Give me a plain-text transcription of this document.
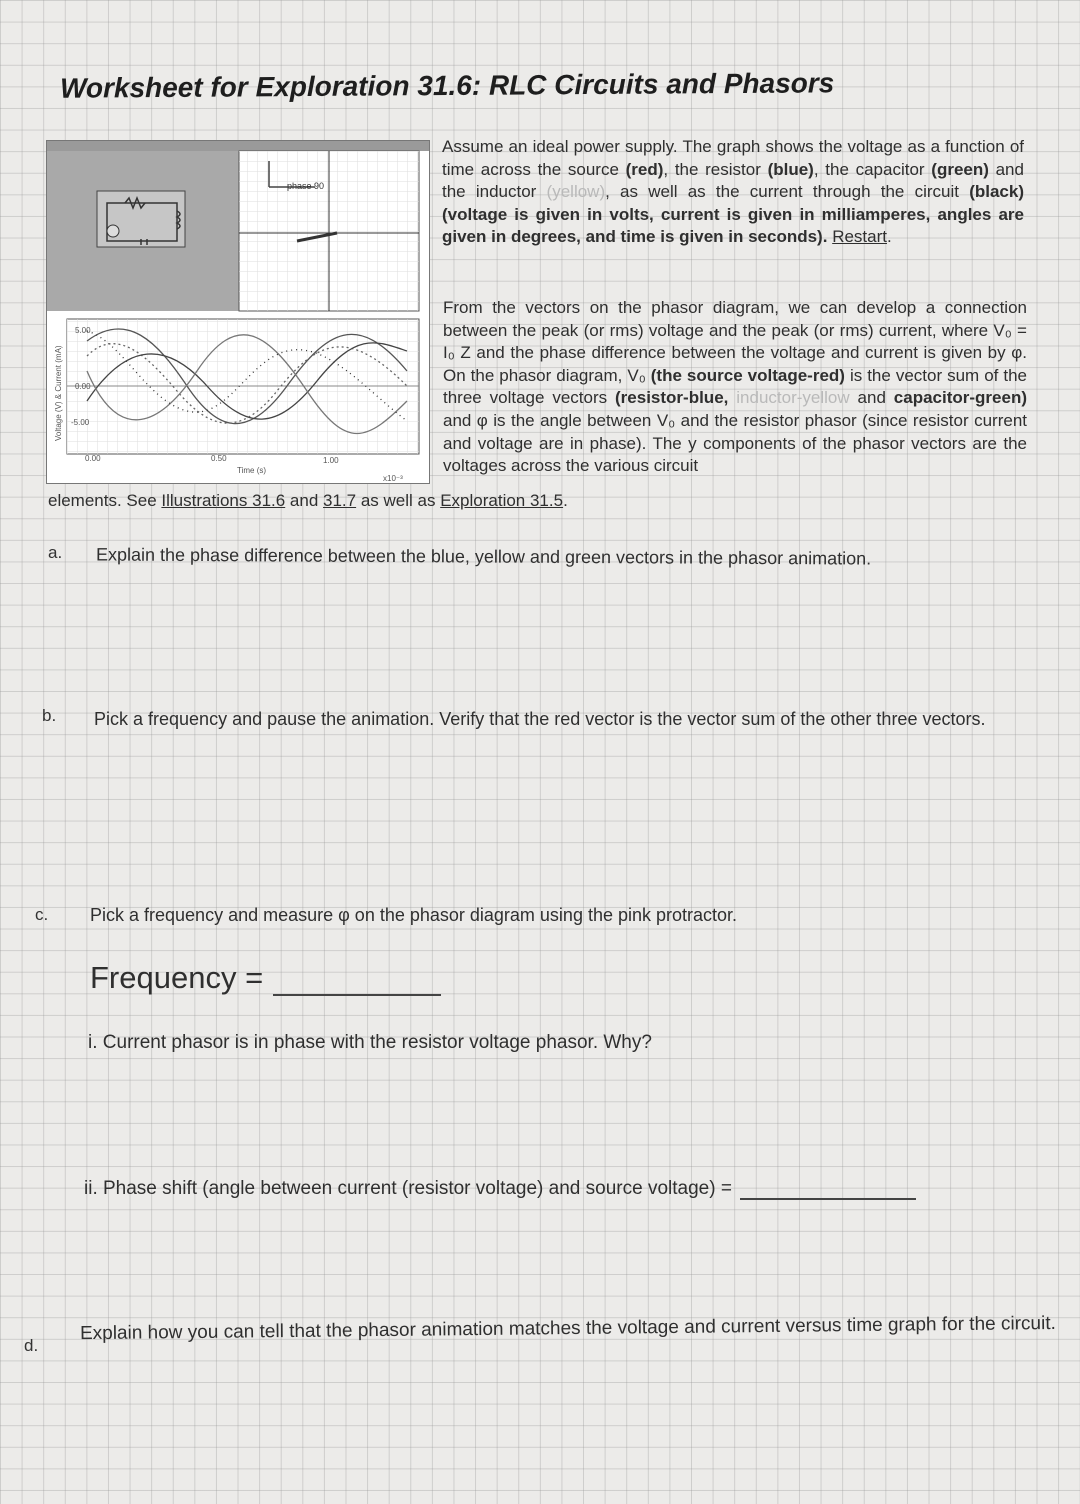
Worksheet for Exploration 31.6: RLC Circuits and Phasors
phase 90
Voltage (V) & Current (mA)
5.00
0.00
-5.00
0.00	0.50	1.00
Time (s)
x10⁻³

Assume an ideal power supply. The graph shows the voltage as a function of time across the source (red), the resistor (blue), the capacitor (green) and the inductor (yellow), as well as the current through the circuit (black) (voltage is given in volts, current is given in milliamperes, angles are given in degrees, and time is given in seconds). Restart.

From the vectors on the phasor diagram, we can develop a connection between the peak (or rms) voltage and the peak (or rms) current, where V₀ = I₀ Z and the phase difference between the voltage and current is given by φ. On the phasor diagram, V₀ (the source voltage-red) is the vector sum of the three voltage vectors (resistor-blue, inductor-yellow and capacitor-green) and φ is the angle between V₀ and the resistor phasor (since resistor current and voltage are in phase). The y components of the phasor vectors are the voltages across the various circuit

elements. See Illustrations 31.6 and 31.7 as well as Exploration 31.5.

a. Explain the phase difference between the blue, yellow and green vectors in the phasor animation.

b. Pick a frequency and pause the animation. Verify that the red vector is the vector sum of the other three vectors.

c. Pick a frequency and measure φ on the phasor diagram using the pink protractor.

Frequency =

i. Current phasor is in phase with the resistor voltage phasor. Why?

ii. Phase shift (angle between current (resistor voltage) and source voltage) =

d.

Explain how you can tell that the phasor animation matches the voltage and current versus time graph for the circuit.
